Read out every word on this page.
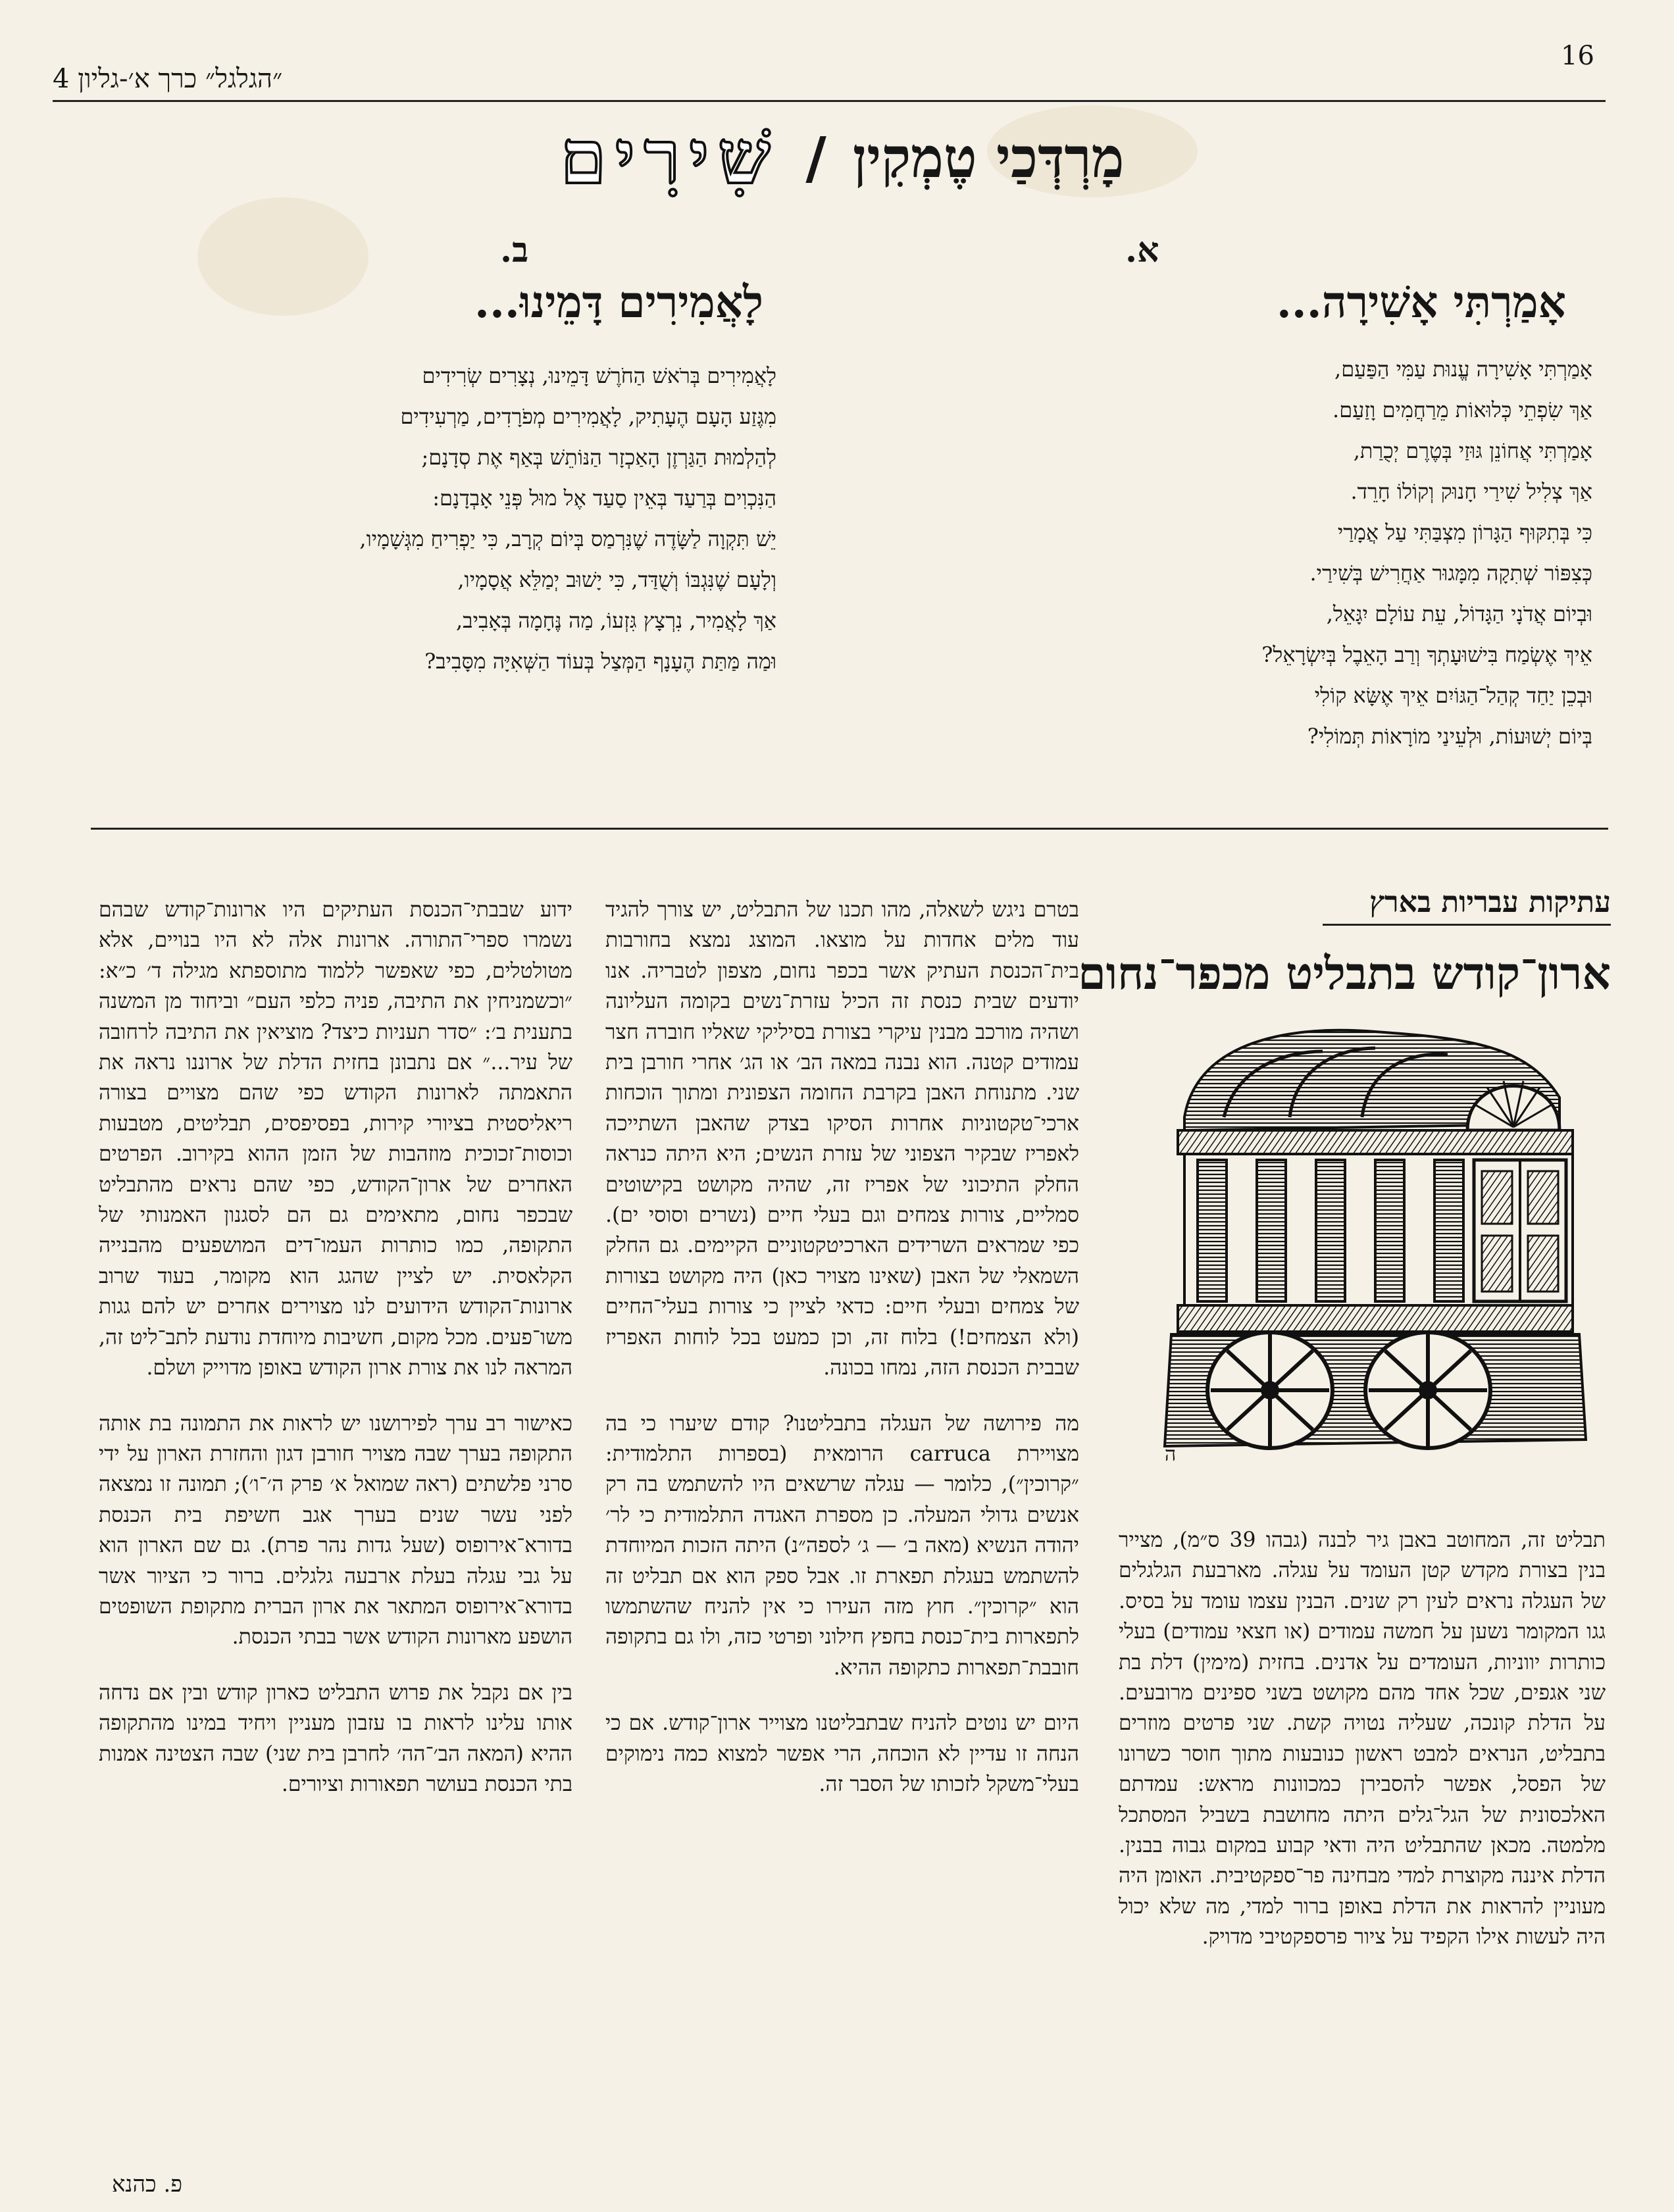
16
״הגלגל״ כרך א׳-גליון 4
מָרְדְּכַי טֶמְקִין
/
שִׁירִים
א.
אָמַרְתִּי אָשִׁירָה...
אָמַרְתִּי אָשִׁירָה עֱנוּת עַמִּי הַפַּעַם,
אַךְ שִׂפְתֵי כְּלוּאוֹת מֵרַחֲמִים וָזַעַם.
אָמַרְתִּי אֲחוֹנֵן גּוּזַי בְּטֶרֶם יְכֻרַת,
אַךְ צְלִיל שִׁירַי חָנוּק וְקוֹלוֹ חָרֵד.
כִּי בְּתִקּוּף הַגָּרוֹן מִצְבַּתִּי עַל אֲמָרַי
כְּצִפּוֹר שְׁתִקָה מִמָּגוּר אַחֲרִישׁ בְּשִׁירַי.
וּבְיוֹם אֲדֹנָי הַגָּדוֹל, עֵת עוֹלָם יִגָּאֵל,
אֵיךְ אֶשְׂמַח בִּישׁוּעָתְךָ וְרַב הָאֵבֶל בְּיִשְׂרָאֵל?
וּבְכֵן יַחַד קְהַל־הַגּוֹיִם אֵיךְ אֶשָּׂא קוֹלִי
בְּיוֹם יְשׁוּעוֹת, וּלְעֵינַי מוֹרָאוֹת תְּמוֹלִי?
ב.
לָאֲמִירִים דָּמֵינוּ...
לָאֲמִירִים בְּרֹאשׁ הַחֹרֶשׁ דָּמֵינוּ, נְצָרִים שְׂרִידִים
מִגֶּזַע הָעָם הֶעָתִיק, לָאֲמִירִים מְפֹרָדִים, מַרְעִידִים
לְהַלְמוּת הַגַּרְזֶן הָאַכְזָר הַנּוֹתֵשׁ בְּאַף אֶת סְדָנָם;
הַנִּכְוִים בְּרַעַד בְּאֵין סַעַד אֶל מוּל פְּנֵי אָבְדָנָם:
יֵשׁ תִּקְוָה לַשָּׂדֶה שֶׁנִּרְמַס בְּיוֹם קְרָב, כִּי יַפְרִיחַ מִגְּשָׁמָיו,
וְלָעָם שֶׁנִּגְבּוֹ וְשֻׁדַּד, כִּי יָשׁוּב יְמַלֵּא אֲסָמָיו,
אַךְ לָאֲמִיר, נִרְצָץ גִּזְעוֹ, מַה נֶּחָמָה בְּאָבִיב,
וּמַה מַּתַּת הֶעָנָף הַמְּצַל בְּעוֹד הַשְּׁאִיָּה מִסָּבִיב?
עתיקות עבריות בארץ
ארון־קודש בתבליט מכפר־נחום
ה

תבליט זה, המחוטב באבן גיר לבנה (גבהו 39 ס״מ), מצייר בנין בצורת מקדש קטן העומד על עגלה. מארבעת הגלגלים של העגלה נראים לעין רק שנים. הבנין עצמו עומד על בסיס. גגו המקומר נשען על חמשה עמודים (או חצאי עמודים) בעלי כותרות יווניות, העומדים על אדנים. בחזית (מימין) דלת בת שני אגפים, שכל אחד מהם מקושט בשני ספינים מרובעים. על הדלת קונכה, שעליה נטויה קשת. שני פרטים מוזרים בתבליט, הנראים למבט ראשון כנובעות מתוך חוסר כשרונו של הפסל, אפשר להסבירן כמכוונות מראש: עמדתם האלכסונית של הגל־גלים היתה מחושבת בשביל המסתכל מלמטה. מכאן שהתבליט היה ודאי קבוע במקום גבוה בבנין. הדלת איננה מקוצרת למדי מבחינה פר־ספקטיבית. האומן היה מעוניין להראות את הדלת באופן ברור למדי, מה שלא יכול היה לעשות אילו הקפיד על ציור פרספקטיבי מדויק.

בטרם ניגש לשאלה, מהו תכנו של התבליט, יש צורך להגיד עוד מלים אחדות על מוצאו. המוצג נמצא בחורבות בית־הכנסת העתיק אשר בכפר נחום, מצפון לטבריה. אנו יודעים שבית כנסת זה הכיל עזרת־נשים בקומה העליונה ושהיה מורכב מבנין עיקרי בצורת בסיליקי שאליו חוברה חצר עמודים קטנה. הוא נבנה במאה הב׳ או הג׳ אחרי חורבן בית שני. מתנוחת האבן בקרבת החומה הצפונית ומתוך הוכחות ארכי־טקטוניות אחרות הסיקו בצדק שהאבן השתייכה לאפריז שבקיר הצפוני של עזרת הנשים; היא היתה כנראה החלק התיכוני של אפריז זה, שהיה מקושט בקישוטים סמליים, צורות צמחים וגם בעלי חיים (נשרים וסוסי ים). כפי שמראים השרידים הארכיטקטוניים הקיימים. גם החלק השמאלי של האבן (שאינו מצויר כאן) היה מקושט בצורות של צמחים ובעלי חיים: כדאי לציין כי צורות בעלי־החיים (ולא הצמחים!) בלוח זה, וכן כמעט בכל לוחות האפריז שבבית הכנסת הזה, נמחו בכונה.

מה פירושה של העגלה בתבליטנו? קודם שיערו כי בה מצויירת carruca הרומאית (בספרות התלמודית: ״קרוכין״), כלומר — עגלה שרשאים היו להשתמש בה רק אנשים גדולי המעלה. כן מספרת האגדה התלמודית כי לר׳ יהודה הנשיא (מאה ב׳ — ג׳ לספה״נ) היתה הזכות המיוחדת להשתמש בעגלת תפארת זו. אבל ספק הוא אם תבליט זה הוא ״קרוכין״. חוץ מזה העירו כי אין להניח שהשתמשו לתפארות בית־כנסת בחפץ חילוני ופרטי כזה, ולו גם בתקופה חובבת־תפארות כתקופה ההיא.

היום יש נוטים להניח שבתבליטנו מצוייר ארון־קודש. אם כי הנחה זו עדיין לא הוכחה, הרי אפשר למצוא כמה נימוקים בעלי־משקל לזכותו של הסבר זה.

ידוע שבבתי־הכנסת העתיקים היו ארונות־קודש שבהם נשמרו ספרי־התורה. ארונות אלה לא היו בנויים, אלא מטולטלים, כפי שאפשר ללמוד מתוספתא מגילה ד׳ כ״א: ״וכשמניחין את התיבה, פניה כלפי העם״ וביחוד מן המשנה בתענית ב׳: ״סדר תעניות כיצד? מוציאין את התיבה לרחובה של עיר...״ אם נתבונן בחזית הדלת של ארוננו נראה את התאמתה לארונות הקודש כפי שהם מצויים בצורה ריאליסטית בציורי קירות, בפסיפסים, תבליטים, מטבעות וכוסות־זכוכית מוזהבות של הזמן ההוא בקירוב. הפרטים האחרים של ארון־הקודש, כפי שהם נראים מהתבליט שבכפר נחום, מתאימים גם הם לסגנון האמנותי של התקופה, כמו כותרות העמו־דים המושפעים מהבנייה הקלאסית. יש לציין שהגג הוא מקומר, בעוד שרוב ארונות־הקודש הידועים לנו מצוירים אחרים יש להם גגות משו־פעים. מכל מקום, חשיבות מיוחדת נודעת לתב־ליט זה, המראה לנו את צורת ארון הקודש באופן מדוייק ושלם.

כאישור רב ערך לפירושנו יש לראות את התמונה בת אותה התקופה בערך שבה מצויר חורבן דגון והחזרת הארון על ידי סרני פלשתים (ראה שמואל א׳ פרק ה׳־ו׳); תמונה זו נמצאה לפני עשר שנים בערך אגב חשיפת בית הכנסת בדורא־אירופוס (שעל גדות נהר פרת). גם שם הארון הוא על גבי עגלה בעלת ארבעה גלגלים. ברור כי הציור אשר בדורא־אירופוס המתאר את ארון הברית מתקופת השופטים הושפע מארונות הקודש אשר בבתי הכנסת.

בין אם נקבל את פרוש התבליט כארון קודש ובין אם נדחה אותו עלינו לראות בו עזבון מעניין ויחיד במינו מהתקופה ההיא (המאה הב׳־הה׳ לחרבן בית שני) שבה הצטינה אמנות בתי הכנסת בעושר תפאורות וציורים.

פ. כהנא
